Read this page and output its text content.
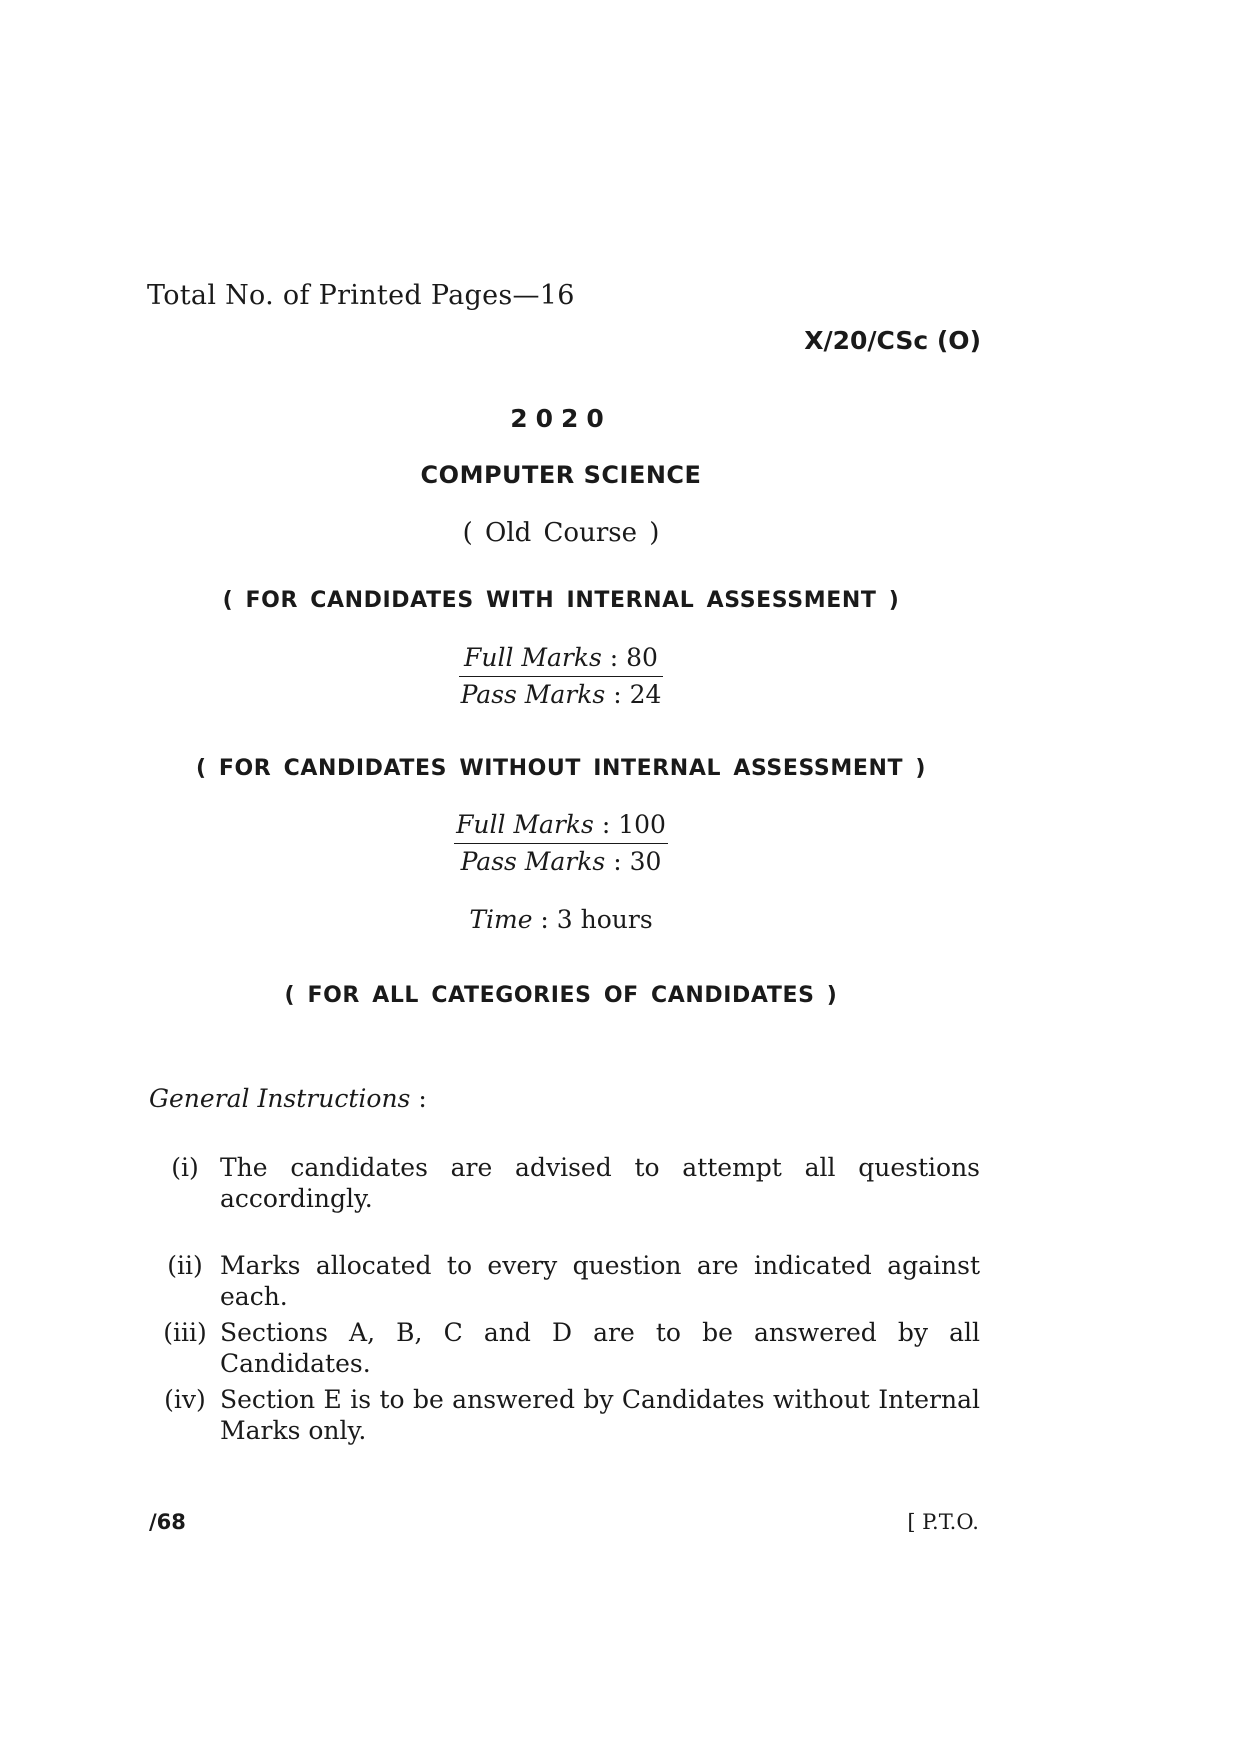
Total No. of Printed Pages—16
X/20/CSc (O)
2020
COMPUTER SCIENCE
( Old Course )
( FOR CANDIDATES WITH INTERNAL ASSESSMENT )
Full Marks : 80
Pass Marks : 24
( FOR CANDIDATES WITHOUT INTERNAL ASSESSMENT )
Full Marks : 100
Pass Marks : 30
Time : 3 hours
( FOR ALL CATEGORIES OF CANDIDATES )
General Instructions :
(i) The candidates are advised to attempt all questions accordingly.
(ii) Marks allocated to every question are indicated against each.
(iii) Sections A, B, C and D are to be answered by all Candidates.
(iv) Section E is to be answered by Candidates without Internal Marks only.
/68	[ P.T.O.
